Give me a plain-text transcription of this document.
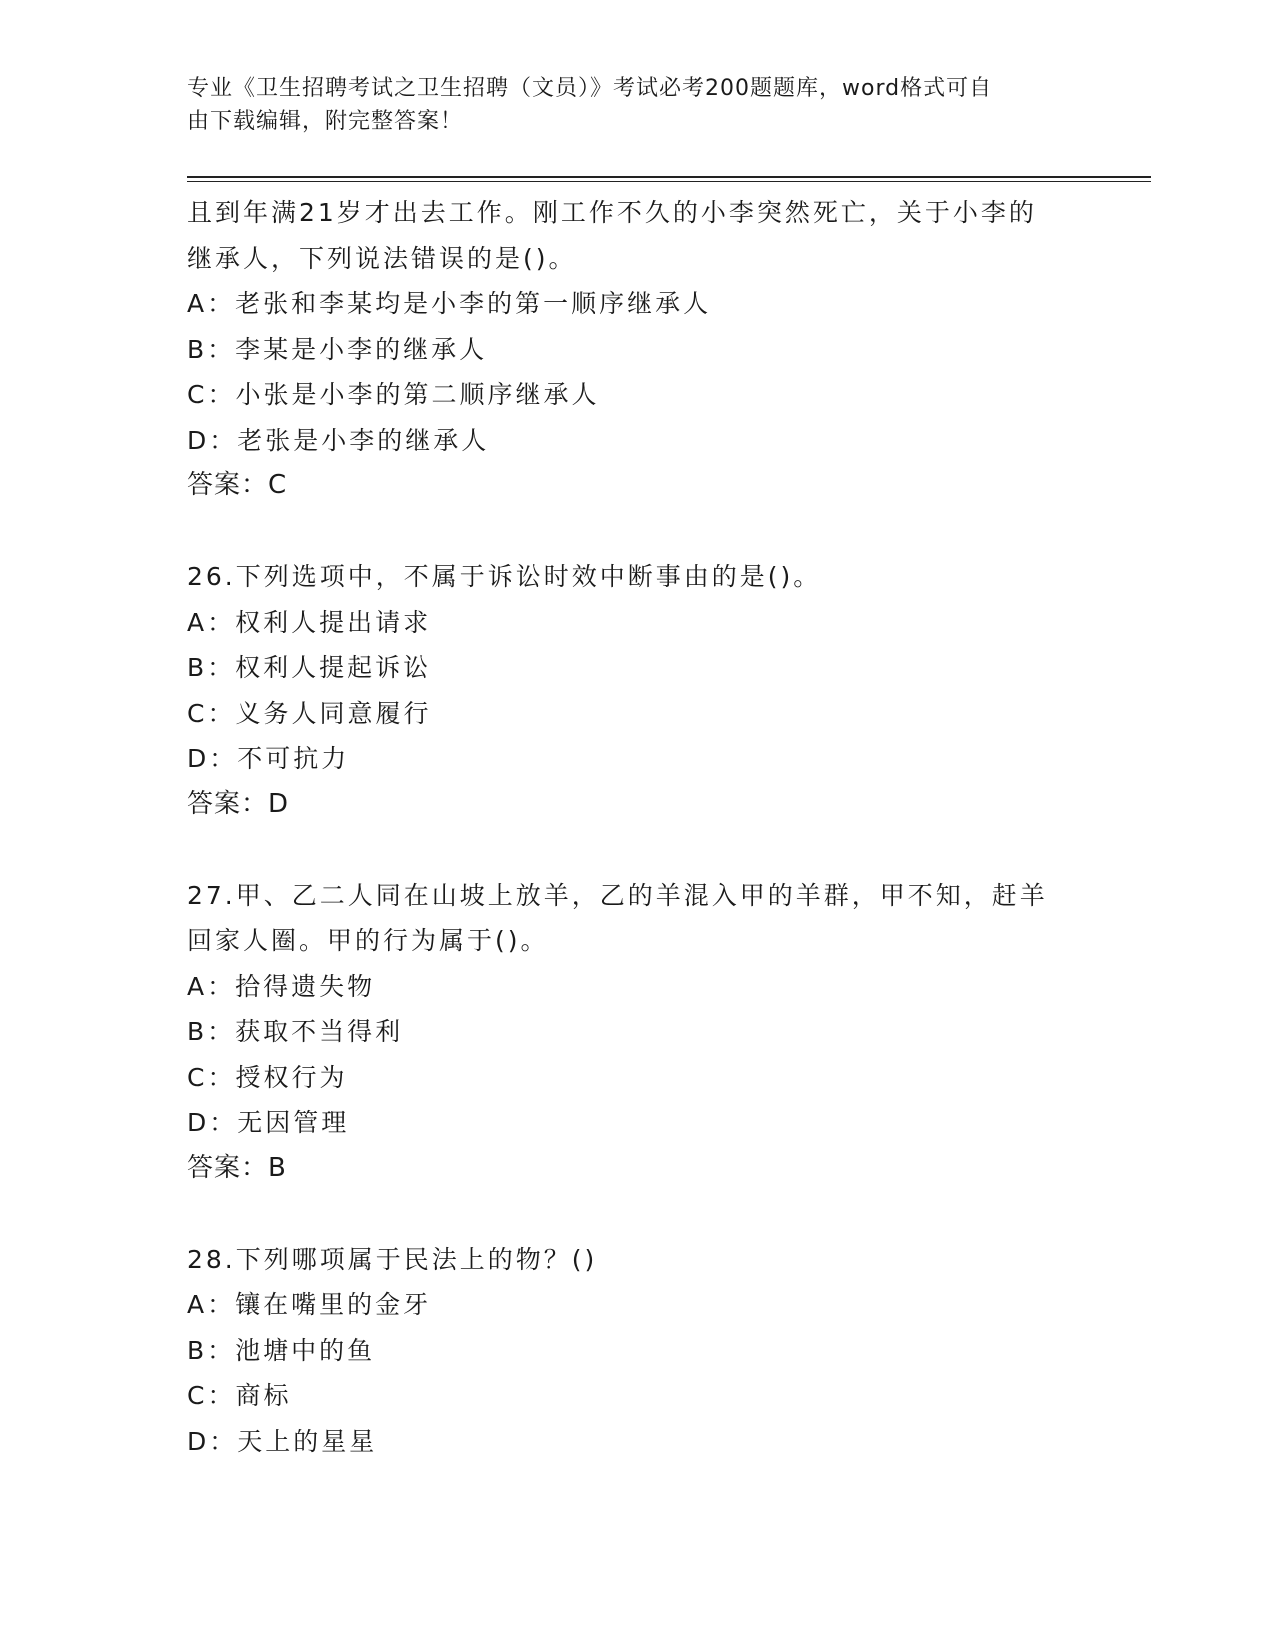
专业《卫生招聘考试之卫生招聘（文员）》考试必考200题题库，word格式可自
由下载编辑，附完整答案！
且到年满21岁才出去工作。刚工作不久的小李突然死亡，关于小李的
继承人，下列说法错误的是()。
A：老张和李某均是小李的第一顺序继承人
B：李某是小李的继承人
C：小张是小李的第二顺序继承人
D：老张是小李的继承人
答案：C
26.下列选项中，不属于诉讼时效中断事由的是()。
A：权利人提出请求
B：权利人提起诉讼
C：义务人同意履行
D：不可抗力
答案：D
27.甲、乙二人同在山坡上放羊，乙的羊混入甲的羊群，甲不知，赶羊
回家人圈。甲的行为属于()。
A：拾得遗失物
B：获取不当得利
C：授权行为
D：无因管理
答案：B
28.下列哪项属于民法上的物？()
A：镶在嘴里的金牙
B：池塘中的鱼
C：商标
D：天上的星星
